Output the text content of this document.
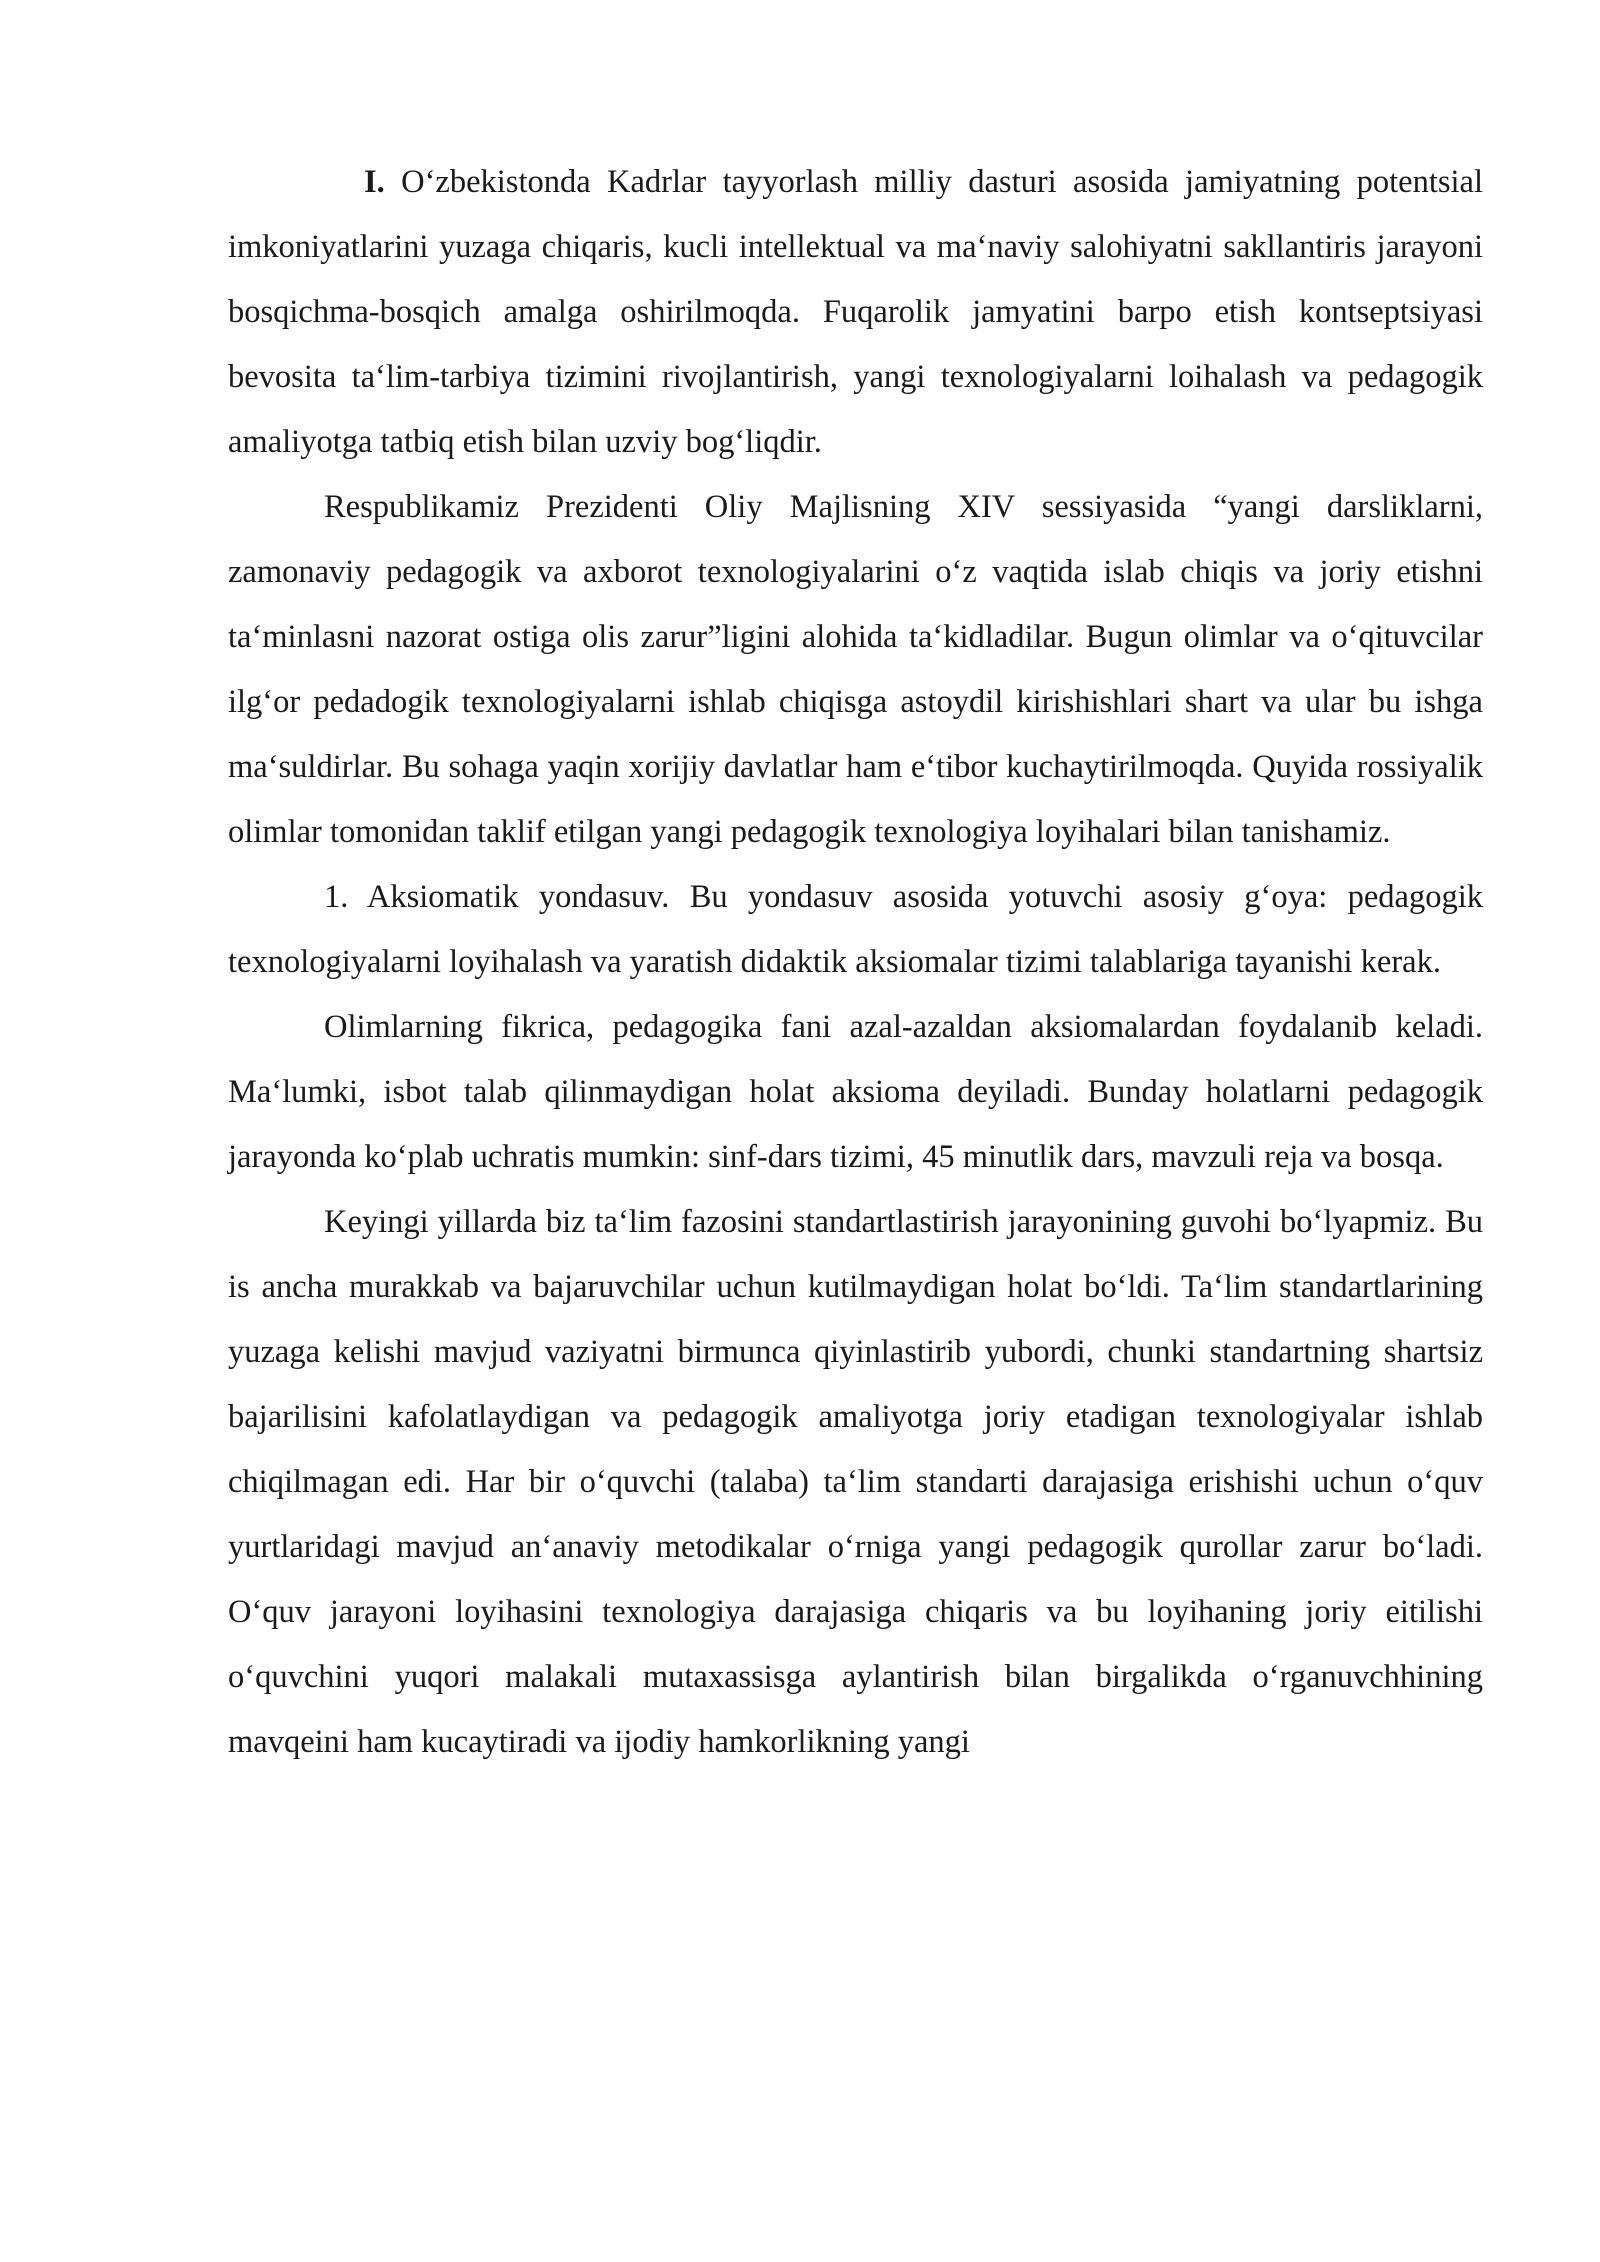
I. O‘zbekistonda Kadrlar tayyorlash milliy dasturi asosida jamiyatning potentsial imkoniyatlarini yuzaga chiqaris, kucli intellektual va ma‘naviy salohiyatni sakllantiris jarayoni bosqichma-bosqich amalga oshirilmoqda. Fuqarolik jamyatini barpo etish kontseptsiyasi bevosita ta‘lim-tarbiya tizimini rivojlantirish, yangi texnologiyalarni loihalash va pedagogik amaliyotga tatbiq etish bilan uzviy bog‘liqdir.

Respublikamiz Prezidenti Oliy Majlisning XIV sessiyasida “yangi darsliklarni, zamonaviy pedagogik va axborot texnologiyalarini o‘z vaqtida islab chiqis va joriy etishni ta‘minlasni nazorat ostiga olis zarur”ligini alohida ta‘kidladilar. Bugun olimlar va o‘qituvcilar ilg‘or pedadogik texnologiyalarni ishlab chiqisga astoydil kirishishlari shart va ular bu ishga ma‘suldirlar. Bu sohaga yaqin xorijiy davlatlar ham e‘tibor kuchaytirilmoqda. Quyida rossiyalik olimlar tomonidan taklif etilgan yangi pedagogik texnologiya loyihalari bilan tanishamiz.

1. Aksiomatik yondasuv. Bu yondasuv asosida yotuvchi asosiy g‘oya: pedagogik texnologiyalarni loyihalash va yaratish didaktik aksiomalar tizimi talablariga tayanishi kerak.

Olimlarning fikrica, pedagogika fani azal-azaldan aksiomalardan foydalanib keladi. Ma‘lumki, isbot talab qilinmaydigan holat aksioma deyiladi. Bunday holatlarni pedagogik jarayonda ko‘plab uchratis mumkin: sinf-dars tizimi, 45 minutlik dars, mavzuli reja va bosqa.

Keyingi yillarda biz ta‘lim fazosini standartlastirish jarayonining guvohi bo‘lyapmiz. Bu is ancha murakkab va bajaruvchilar uchun kutilmaydigan holat bo‘ldi. Ta‘lim standartlarining yuzaga kelishi mavjud vaziyatni birmunca qiyinlastirib yubordi, chunki standartning shartsiz bajarilisini kafolatlaydigan va pedagogik amaliyotga joriy etadigan texnologiyalar ishlab chiqilmagan edi. Har bir o‘quvchi (talaba) ta‘lim standarti darajasiga erishishi uchun o‘quv yurtlaridagi mavjud an‘anaviy metodikalar o‘rniga yangi pedagogik qurollar zarur bo‘ladi. O‘quv jarayoni loyihasini texnologiya darajasiga chiqaris va bu loyihaning joriy eitilishi o‘quvchini yuqori malakali mutaxassisga aylantirish bilan birgalikda o‘rganuvchhining mavqeini ham kucaytiradi va ijodiy hamkorlikning yangi
